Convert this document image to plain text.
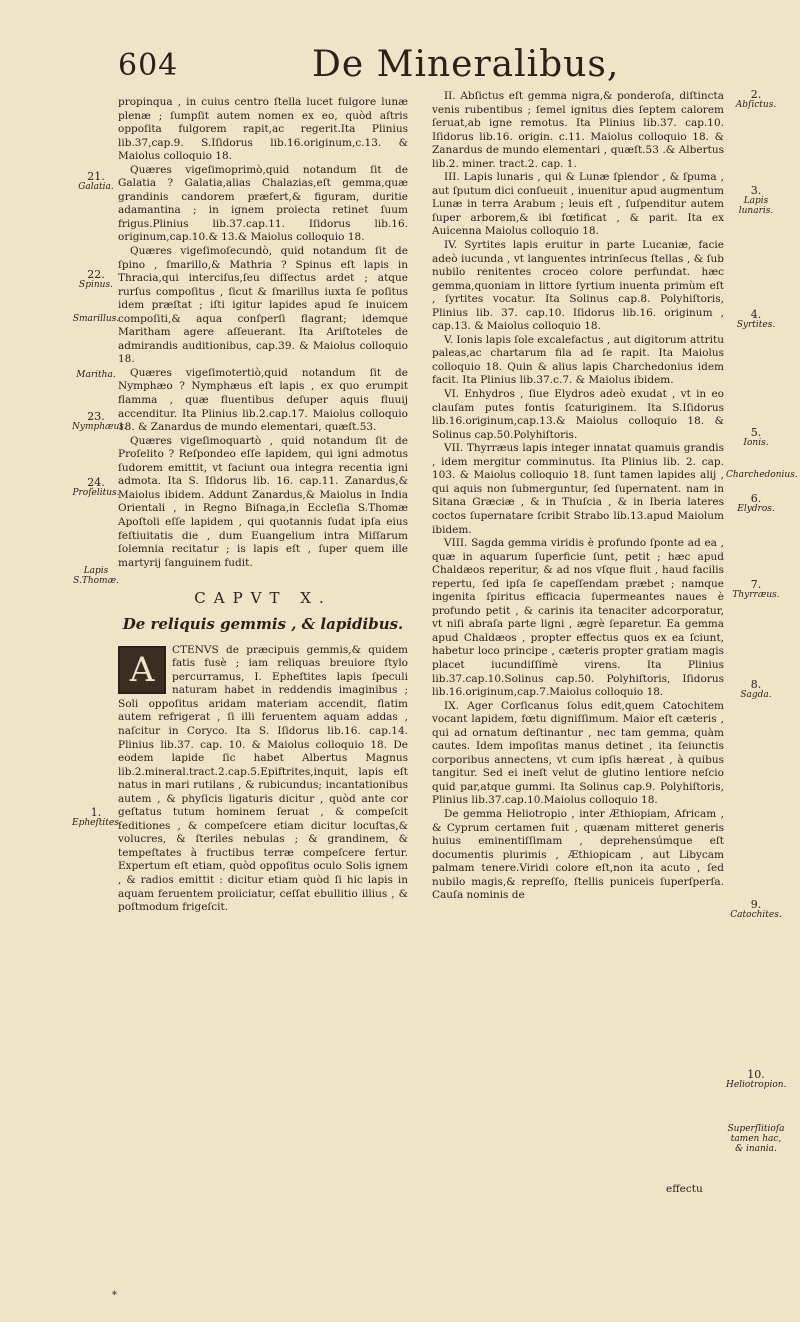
604	De Mineralibus,
21.
Galatia.
22.
Spinus.
Smarillus.
Maritha.
23.
Nymphæus.
24.
Proſelitus.
Lapis S.Thomæ.
1.
Epheſtites.

propinqua , in cuius centro ſtella lucet fulgore lunæ plenæ ; ſumpſit autem nomen ex eo, quòd aſtris oppoſita fulgorem rapit,ac regerit.Ita Plinius lib.37,cap.9. S.Iſidorus lib.16.originum,c.13. & Maiolus colloquio 18.

Quæres vigeſimoprimò,quid notandum ſit de Galatia ? Galatia,alias Chalazias,eſt gemma,quæ grandinis candorem præfert,& figuram, duritie adamantina ; in ignem proiecta retinet ſuum frigus.Plinius lib.37.cap.11. Iſidorus lib.16. originum,cap.10.& 13.& Maiolus colloquio 18.

Quæres vigeſimoſecundò, quid notandum ſit de ſpino , ſmarillo,& Mathria ? Spinus eſt lapis in Thracia,qui interciſus,ſeu diſſectus ardet ; atque rurſus compoſitus , ſicut & ſmarillus iuxta ſe poſitus idem præſtat ; iſti igitur lapides apud ſe inuicem compoſiti,& aqua conſperſi flagrant; idemque Maritham agere aſſeuerant. Ita Ariſtoteles de admirandis auditionibus, cap.39. & Maiolus colloquio 18.

Quæres vigeſimotertiò,quid notandum ſit de Nymphæo ? Nymphæus eſt lapis , ex quo erumpit flamma , quæ fluentibus deſuper aquis fluuij accenditur. Ita Plinius lib.2.cap.17. Maiolus colloquio 18. & Zanardus de mundo elementari, quæſt.53.

Quæres vigeſimoquartò , quid notandum ſit de Proſelito ? Reſpondeo eſſe lapidem, qui igni admotus ſudorem emittit, vt faciunt oua integra recentia igni admota. Ita S. Iſidorus lib. 16. cap.11. Zanardus,& Maiolus ibidem. Addunt Zanardus,& Maiolus in India Orientali , in Regno Biſnaga,in Eccleſia S.Thomæ Apoſtoli eſſe lapidem , qui quotannis ſudat ipſa eius feſtiuitatis die , dum Euangelium intra Miſſarum ſolemnia recitatur ; is lapis eſt , ſuper quem ille martyrij ſanguinem fudit.

CAPVT X.
De reliquis gemmis , & lapidibus.
A	CTENVS de præcipuis gemmis,& quidem fatis fusè ; iam reliquas breuiore ſtylo percurramus, I. Epheſtites lapis ſpeculi naturam habet in reddendis imaginibus ; Soli oppoſitus aridam materiam accendit, flatim autem refrigerat , ſi illi feruentem aquam addas , naſcitur in Coryco. Ita S. Iſidorus lib.16. cap.14. Plinius lib.37. cap. 10. & Maiolus colloquio 18. De eodem lapide ſic habet Albertus Magnus lib.2.mineral.tract.2.cap.5.Epiftrites,inquit, lapis eſt natus in mari rutilans , & rubicundus; incantationibus autem , & phyſicis ligaturis dicitur , quòd ante cor geſtatus tutum hominem ſeruat , & compeſcit ſeditiones , & compeſcere etiam dicitur locuſtas,& volucres, & ſteriles nebulas ; & grandinem, & tempeſtates à fructibus terræ compeſcere fertur. Expertum eſt etiam, quòd oppoſitus oculo Solis ignem , & radios emittit : dicitur etiam quòd ſi hic lapis in aquam feruentem proiiciatur, ceſſat ebullitio illius , & poſtmodum frigeſcit.

II. Abſictus eſt gemma nigra,& ponderoſa, diſtincta venis rubentibus ; ſemel ignitus dies ſeptem calorem ſeruat,ab igne remotus. Ita Plinius lib.37. cap.10. Iſidorus lib.16. origin. c.11. Maiolus colloquio 18. & Zanardus de mundo elementari , quæſt.53 .& Albertus lib.2. miner. tract.2. cap. 1.

III. Lapis lunaris , qui & Lunæ ſplendor , & ſpuma , aut ſputum dici conſueuit , inuenitur apud augmentum Lunæ in terra Arabum ; leuis eſt , ſuſpenditur autem ſuper arborem,& ibi fœtificat , & parit. Ita ex Auicenna Maiolus colloquio 18.

IV. Syrtites lapis eruitur in parte Lucaniæ, facie adeò iucunda , vt languentes intrinſecus ſtellas , & ſub nubilo renitentes croceo colore perfundat. hæc gemma,quoniam in littore ſyrtium inuenta primùm eſt , ſyrtites vocatur. Ita Solinus cap.8. Polyhiſtoris, Plinius lib. 37. cap.10. Iſidorus lib.16. originum , cap.13. & Maiolus colloquio 18.

V. Ionis lapis ſole excalefactus , aut digitorum attritu paleas,ac chartarum fila ad ſe rapit. Ita Maiolus colloquio 18. Quin & alius lapis Charchedonius idem facit. Ita Plinius lib.37.c.7. & Maiolus ibidem.

VI. Enhydros , ſiue Elydros adeò exudat , vt in eo clauſam putes fontis ſcaturiginem. Ita S.Iſidorus lib.16.originum,cap.13.& Maiolus colloquio 18. & Solinus cap.50.Polyhiſtoris.

VII. Thyrræus lapis integer innatat quamuis grandis , idem mergitur comminutus. Ita Plinius lib. 2. cap. 103. & Maiolus colloquio 18. ſunt tamen lapides alij , qui aquis non ſubmerguntur, ſed ſupernatent. nam in Sitana Græciæ , & in Thuſcia , & in Iberia lateres coctos ſupernatare ſcribit Strabo lib.13.apud Maiolum ibidem.

VIII. Sagda gemma viridis è profundo ſponte ad ea , quæ in aquarum ſuperficie ſunt, petit ; hæc apud Chaldæos reperitur, & ad nos vſque fluit , haud facilis repertu, ſed ipſa ſe capeſſendam præbet ; namque ingenita ſpiritus efficacia ſupermeantes naues è profundo petit , & carinis ita tenaciter adcorporatur, vt niſi abraſa parte ligni , ægrè ſeparetur. Ea gemma apud Chaldæos , propter effectus quos ex ea ſciunt, habetur loco principe , cæteris propter gratiam magis placet iucundiſſimè virens. Ita Plinius lib.37.cap.10.Solinus cap.50. Polyhiſtoris, Iſidorus lib.16.originum,cap.7.Maiolus colloquio 18.

IX. Ager Corſicanus ſolus edit,quem Catochitem vocant lapidem, fœtu digniſſimum. Maior eſt cæteris , qui ad ornatum deſtinantur , nec tam gemma, quàm cautes. Idem impoſitas manus detinet , ita ſeiunctis corporibus annectens, vt cum ipſis hæreat , à quibus tangitur. Sed ei ineſt velut de glutino lentiore neſcio quid par,atque gummi. Ita Solinus cap.9. Polyhiſtoris, Plinius lib.37.cap.10.Maiolus colloquio 18.

De gemma Heliotropio , inter Æthiopiam, Africam , & Cyprum certamen fuit , quænam mitteret generis huius eminentiſſimam , deprehensúmque eſt documentis plurimis , Æthiopicam , aut Libycam palmam tenere.Viridi colore eſt,non ita acuto , ſed nubilo magis,& repreſſo, ſtellis puniceis ſuperſperſa. Cauſa nominis de

2.
Abſictus.
3.
Lapis lunaris.
4.
Syrtites.
5.
Ionis.
Charchedonius.
6.
Elydros.
7.
Thyrræus.
8.
Sagda.
9.
Catochites.
10.
Heliotropion.
Superſlitioſa tamen hac, & inania.
effectu
*
